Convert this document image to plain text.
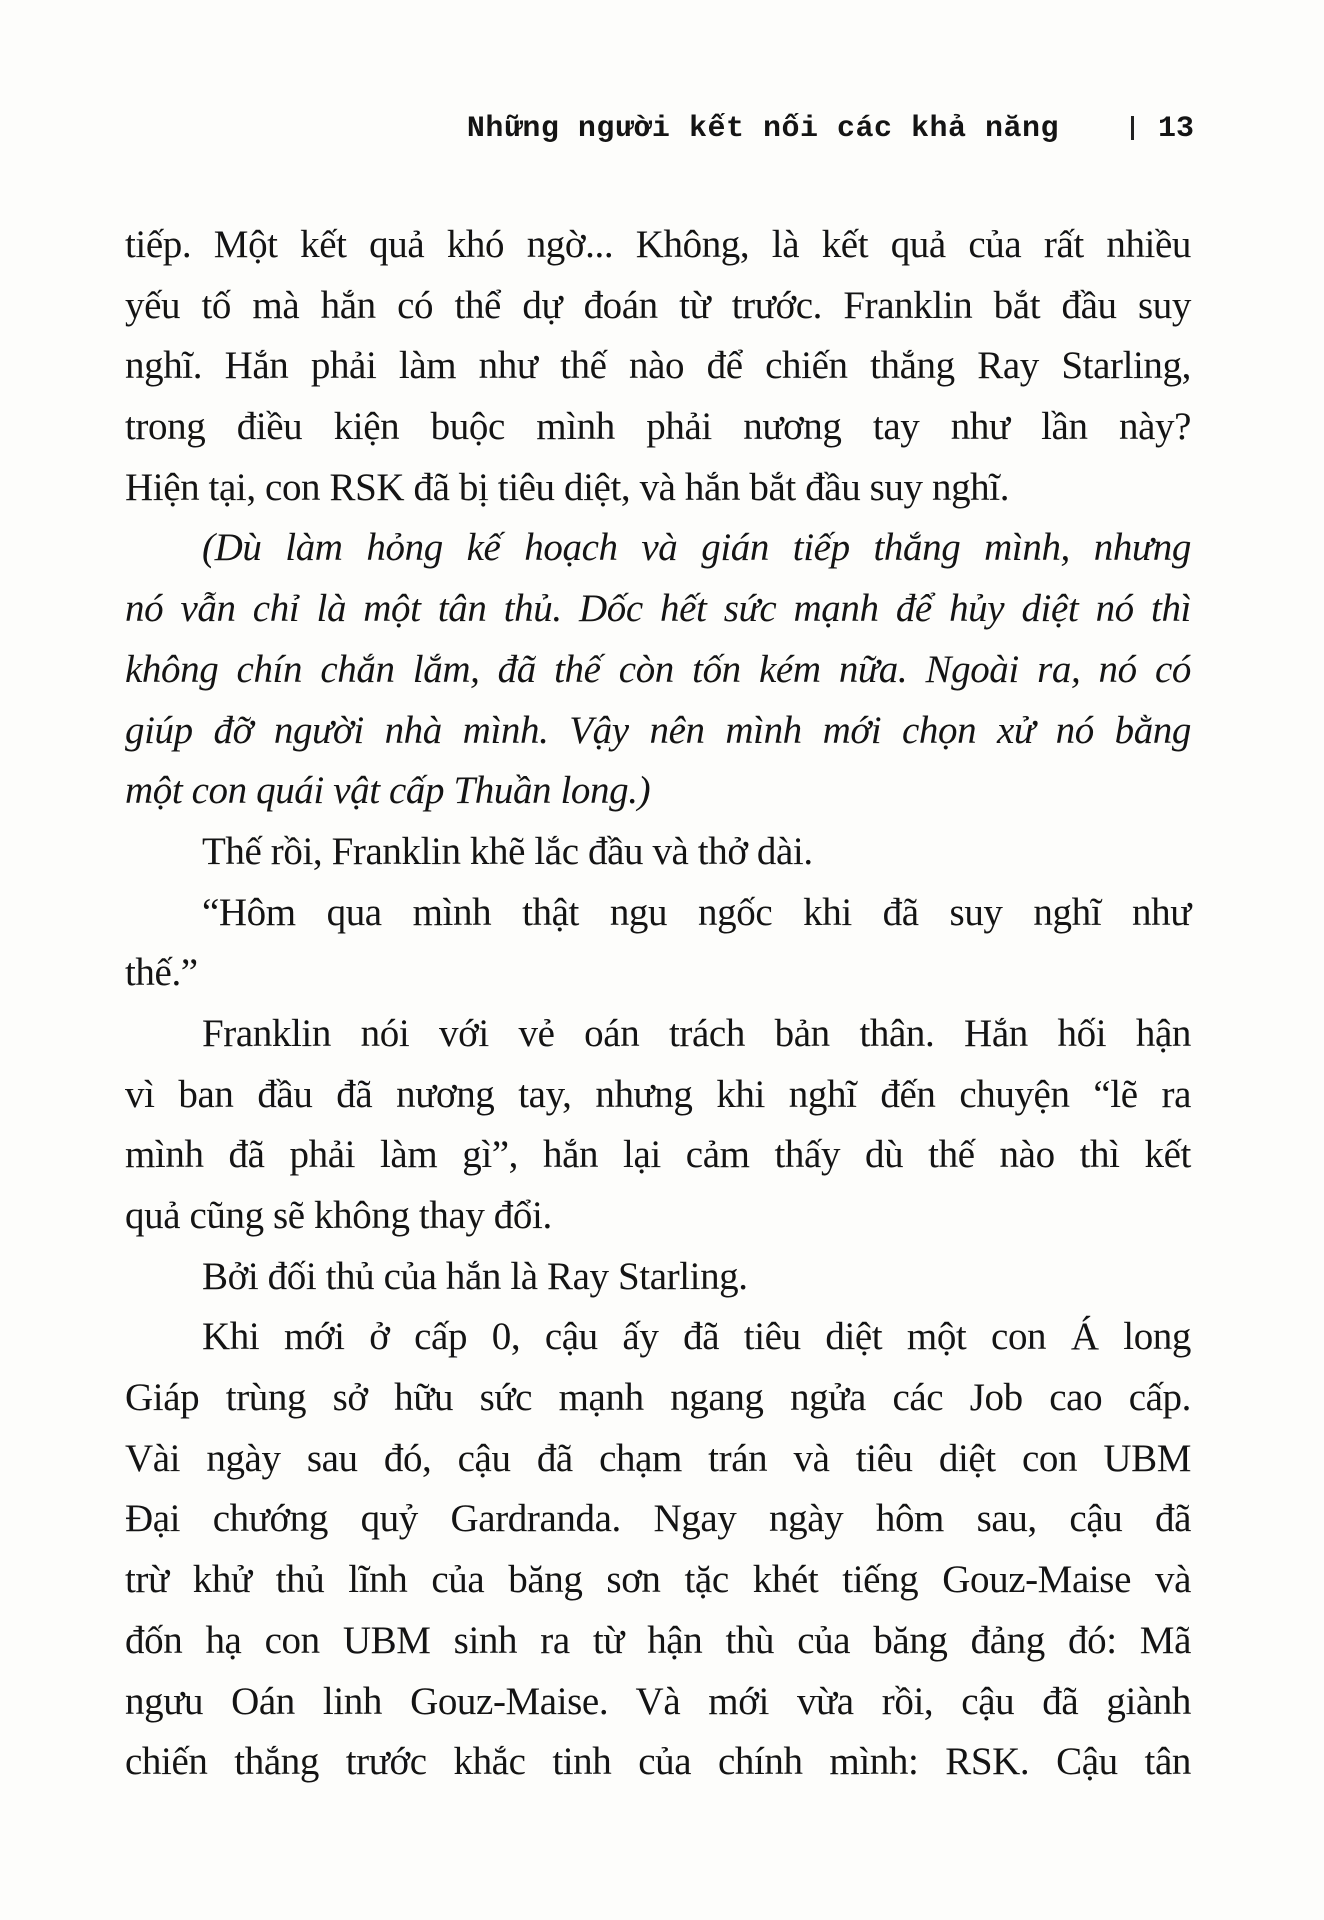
Những người kết nối các khả năng	13
tiếp. Một kết quả khó ngờ... Không, là kết quả của rất nhiều
yếu tố mà hắn có thể dự đoán từ trước. Franklin bắt đầu suy
nghĩ. Hắn phải làm như thế nào để chiến thắng Ray Starling,
trong điều kiện buộc mình phải nương tay như lần này?
Hiện tại, con RSK đã bị tiêu diệt, và hắn bắt đầu suy nghĩ.
(Dù làm hỏng kế hoạch và gián tiếp thắng mình, nhưng
nó vẫn chỉ là một tân thủ. Dốc hết sức mạnh để hủy diệt nó thì
không chín chắn lắm, đã thế còn tốn kém nữa. Ngoài ra, nó có
giúp đỡ người nhà mình. Vậy nên mình mới chọn xử nó bằng
một con quái vật cấp Thuần long.)
Thế rồi, Franklin khẽ lắc đầu và thở dài.
“Hôm qua mình thật ngu ngốc khi đã suy nghĩ như
thế.”
Franklin nói với vẻ oán trách bản thân. Hắn hối hận
vì ban đầu đã nương tay, nhưng khi nghĩ đến chuyện “lẽ ra
mình đã phải làm gì”, hắn lại cảm thấy dù thế nào thì kết
quả cũng sẽ không thay đổi.
Bởi đối thủ của hắn là Ray Starling.
Khi mới ở cấp 0, cậu ấy đã tiêu diệt một con Á long
Giáp trùng sở hữu sức mạnh ngang ngửa các Job cao cấp.
Vài ngày sau đó, cậu đã chạm trán và tiêu diệt con UBM
Đại chướng quỷ Gardranda. Ngay ngày hôm sau, cậu đã
trừ khử thủ lĩnh của băng sơn tặc khét tiếng Gouz-Maise và
đốn hạ con UBM sinh ra từ hận thù của băng đảng đó: Mã
ngưu Oán linh Gouz-Maise. Và mới vừa rồi, cậu đã giành
chiến thắng trước khắc tinh của chính mình: RSK. Cậu tân
